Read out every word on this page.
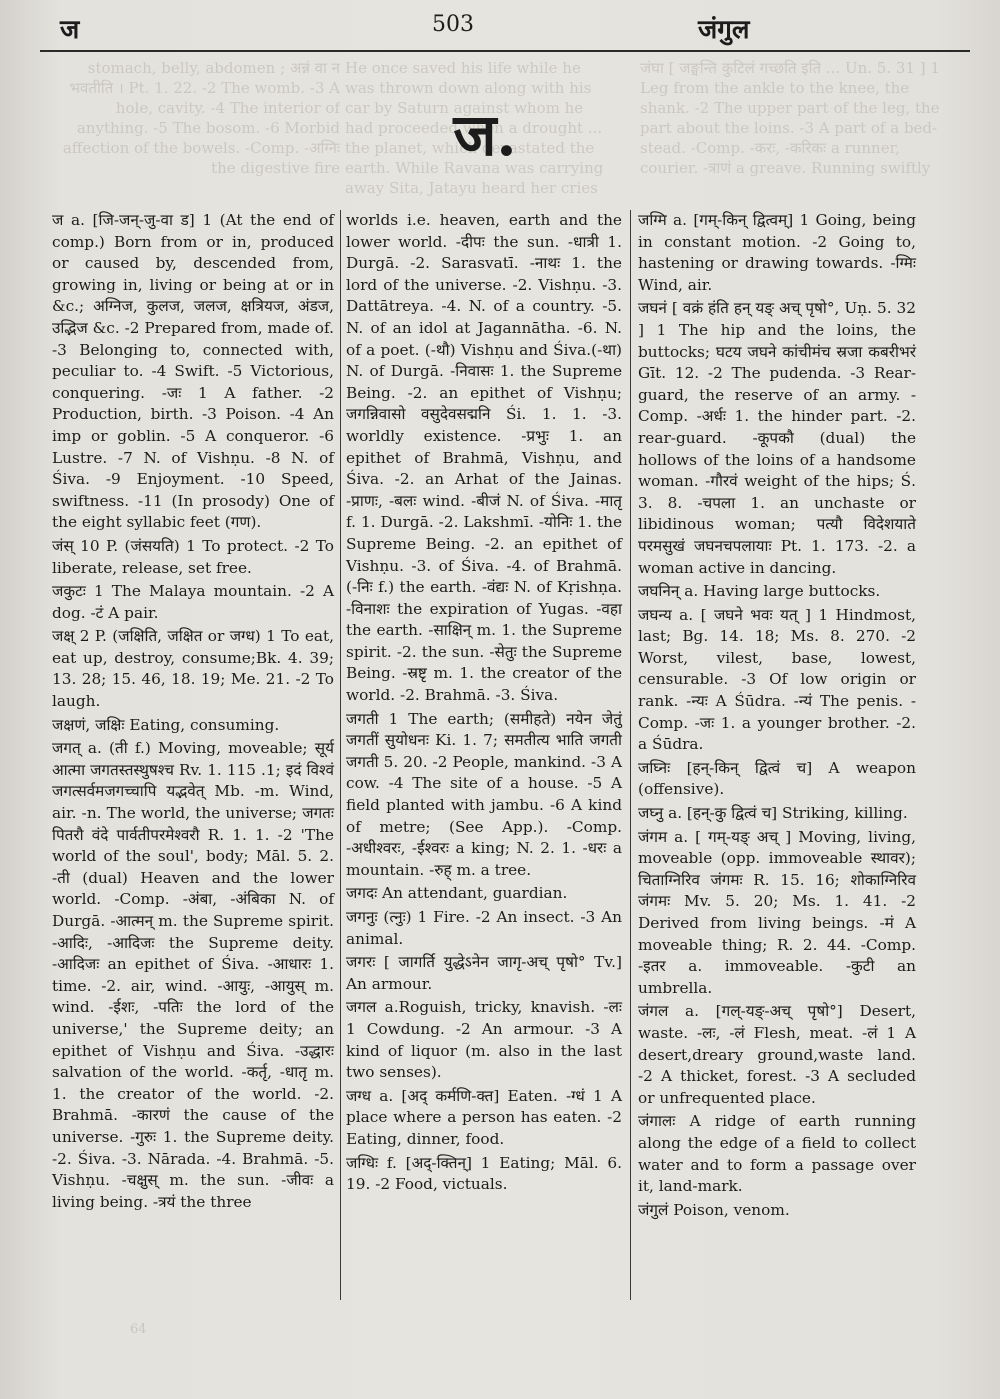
ज	503	जंगुल
stomach, belly, abdomen ; अन्नं वा न भवतीति । Pt. 1. 22. -2 The womb. -3 A hole, cavity. -4 The interior of anything. -5 The bosom. -6 Morbid affection of the bowels. -Comp. -अग्निः the digestive fire
He once saved his life while he was thrown down along with his car by Saturn against whom he had proceeded when a drought ... the planet, which devastated the earth. While Ravana was carrying away Sita, Jatayu heard her cries
जंघा [ जङ्घन्ति कुटिलं गच्छति इति ... Un. 5. 31 ] 1 Leg from the ankle to the knee, the shank. -2 The upper part of the leg, the part about the loins. -3 A part of a bed-stead. -Comp. -करः, -करिकः a runner, courier. -त्राणं a greave. Running swiftly
ज.

ज a. [जि-जन्-जु-वा ड] 1 (At the end of comp.) Born from or in, produced or caused by, descended from, growing in, living or being at or in &c.; अग्निज, कुलज, जलज, क्षत्रियज, अंडज, उद्भिज &c. -2 Prepared from, made of. -3 Belonging to, connected with, peculiar to. -4 Swift. -5 Victorious, conquering. -जः 1 A father. -2 Production, birth. -3 Poison. -4 An imp or goblin. -5 A conqueror. -6 Lustre. -7 N. of Vishṇu. -8 N. of Śiva. -9 Enjoyment. -10 Speed, swiftness. -11 (In prosody) One of the eight syllabic feet (गण).

जंस् 10 P. (जंसयति) 1 To protect. -2 To liberate, release, set free.

जकुटः 1 The Malaya mountain. -2 A dog. -टं A pair.

जक्ष् 2 P. (जक्षिति, जक्षित or जग्ध) 1 To eat, eat up, destroy, consume;Bk. 4. 39; 13. 28; 15. 46, 18. 19; Me. 21. -2 To laugh.

जक्षणं, जक्षिः Eating, consuming.

जगत् a. (ती f.) Moving, moveable; सूर्य आत्मा जगतस्तस्थुषश्च Rv. 1. 115 .1; इदं विश्वं जगत्सर्वमजगच्चापि यद्भवेत् Mb. -m. Wind, air. -n. The world, the universe; जगतः पितरौ वंदे पार्वतीपरमेश्वरौ R. 1. 1. -2 'The world of the soul', body; Māl. 5. 2. -ती (dual) Heaven and the lower world. -Comp. -अंबा, -अंबिका N. of Durgā. -आत्मन् m. the Supreme spirit. -आदिः, -आदिजः the Supreme deity. -आदिजः an epithet of Śiva. -आधारः 1. time. -2. air, wind. -आयुः, -आयुस् m. wind. -ईशः, -पतिः the lord of the universe,' the Supreme deity; an epithet of Vishṇu and Śiva. -उद्धारः salvation of the world. -कर्तृ, -धातृ m. 1. the creator of the world. -2. Brahmā. -कारणं the cause of the universe. -गुरुः 1. the Supreme deity. -2. Śiva. -3. Nārada. -4. Brahmā. -5. Vishṇu. -चक्षुस् m. the sun. -जीवः a living being. -त्रयं the three

worlds i.e. heaven, earth and the lower world. -दीपः the sun. -धात्री 1. Durgā. -2. Sarasvatī. -नाथः 1. the lord of the universe. -2. Vishṇu. -3. Dattātreya. -4. N. of a country. -5. N. of an idol at Jagannātha. -6. N. of a poet. (-थौ) Vishṇu and Śiva.(-था) N. of Durgā. -निवासः 1. the Supreme Being. -2. an epithet of Vishṇu; जगन्निवासो वसुदेवसद्मनि Śi. 1. 1. -3. worldly existence. -प्रभुः 1. an epithet of Brahmā, Vishṇu, and Śiva. -2. an Arhat of the Jainas. -प्राणः, -बलः wind. -बीजं N. of Śiva. -मातृ f. 1. Durgā. -2. Lakshmī. -योनिः 1. the Supreme Being. -2. an epithet of Vishṇu. -3. of Śiva. -4. of Brahmā. (-निः f.) the earth. -वंद्यः N. of Kṛishṇa. -विनाशः the expiration of Yugas. -वहा the earth. -साक्षिन् m. 1. the Supreme spirit. -2. the sun. -सेतुः the Supreme Being. -स्रष्टृ m. 1. the creator of the world. -2. Brahmā. -3. Śiva.

जगती 1 The earth; (समीहते) नयेन जेतुं जगतीं सुयोधनः Ki. 1. 7; समतीत्य भाति जगती जगती 5. 20. -2 People, mankind. -3 A cow. -4 The site of a house. -5 A field planted with jambu. -6 A kind of metre; (See App.). -Comp. -अधीश्वरः, -ईश्वरः a king; N. 2. 1. -धरः a mountain. -रुह् m. a tree.

जगदः An attendant, guardian.

जगनुः (त्नुः) 1 Fire. -2 An insect. -3 An animal.

जगरः [ जागर्ति युद्धेऽनेन जागृ-अच् पृषो° Tv.] An armour.

जगल a.Roguish, tricky, knavish. -लः 1 Cowdung. -2 An armour. -3 A kind of liquor (m. also in the last two senses).

जग्ध a. [अद् कर्मणि-क्त] Eaten. -ग्धं 1 A place where a person has eaten. -2 Eating, dinner, food.

जग्धिः f. [अद्-क्तिन्] 1 Eating; Māl. 6. 19. -2 Food, victuals.

जग्मि a. [गम्-किन् द्वित्वम्] 1 Going, being in constant motion. -2 Going to, hastening or drawing towards. -ग्मिः Wind, air.

जघनं [ वक्रं हंति हन् यङ् अच् पृषो°, Uṇ. 5. 32 ] 1 The hip and the loins, the buttocks; घटय जघने कांचीमंच स्रजा कबरीभरं Gīt. 12. -2 The pudenda. -3 Rear-guard, the reserve of an army. -Comp. -अर्धः 1. the hinder part. -2. rear-guard. -कूपकौ (dual) the hollows of the loins of a handsome woman. -गौरवं weight of the hips; Ś. 3. 8. -चपला 1. an unchaste or libidinous woman; पत्यौ विदेशयाते परमसुखं जघनचपलायाः Pt. 1. 173. -2. a woman active in dancing.

जघनिन् a. Having large buttocks.

जघन्य a. [ जघने भवः यत् ] 1 Hindmost, last; Bg. 14. 18; Ms. 8. 270. -2 Worst, vilest, base, lowest, censurable. -3 Of low origin or rank. -न्यः A Śūdra. -न्यं The penis. -Comp. -जः 1. a younger brother. -2. a Śūdra.

जघ्निः [हन्-किन् द्वित्वं च] A weapon (offensive).

जघ्नु a. [हन्-कु द्वित्वं च] Striking, killing.

जंगम a. [ गम्-यङ् अच् ] Moving, living, moveable (opp. immoveable स्थावर); चिताग्निरिव जंगमः R. 15. 16; शोकाग्निरिव जंगमः Mv. 5. 20; Ms. 1. 41. -2 Derived from living beings. -मं A moveable thing; R. 2. 44. -Comp. -इतर a. immoveable. -कुटी an umbrella.

जंगल a. [गल्-यङ्-अच् पृषो°] Desert, waste. -लः, -लं Flesh, meat. -लं 1 A desert,dreary ground,waste land. -2 A thicket, forest. -3 A secluded or unfrequented place.

जंगालः A ridge of earth running along the edge of a field to collect water and to form a passage over it, land-mark.

जंगुलं Poison, venom.

64
